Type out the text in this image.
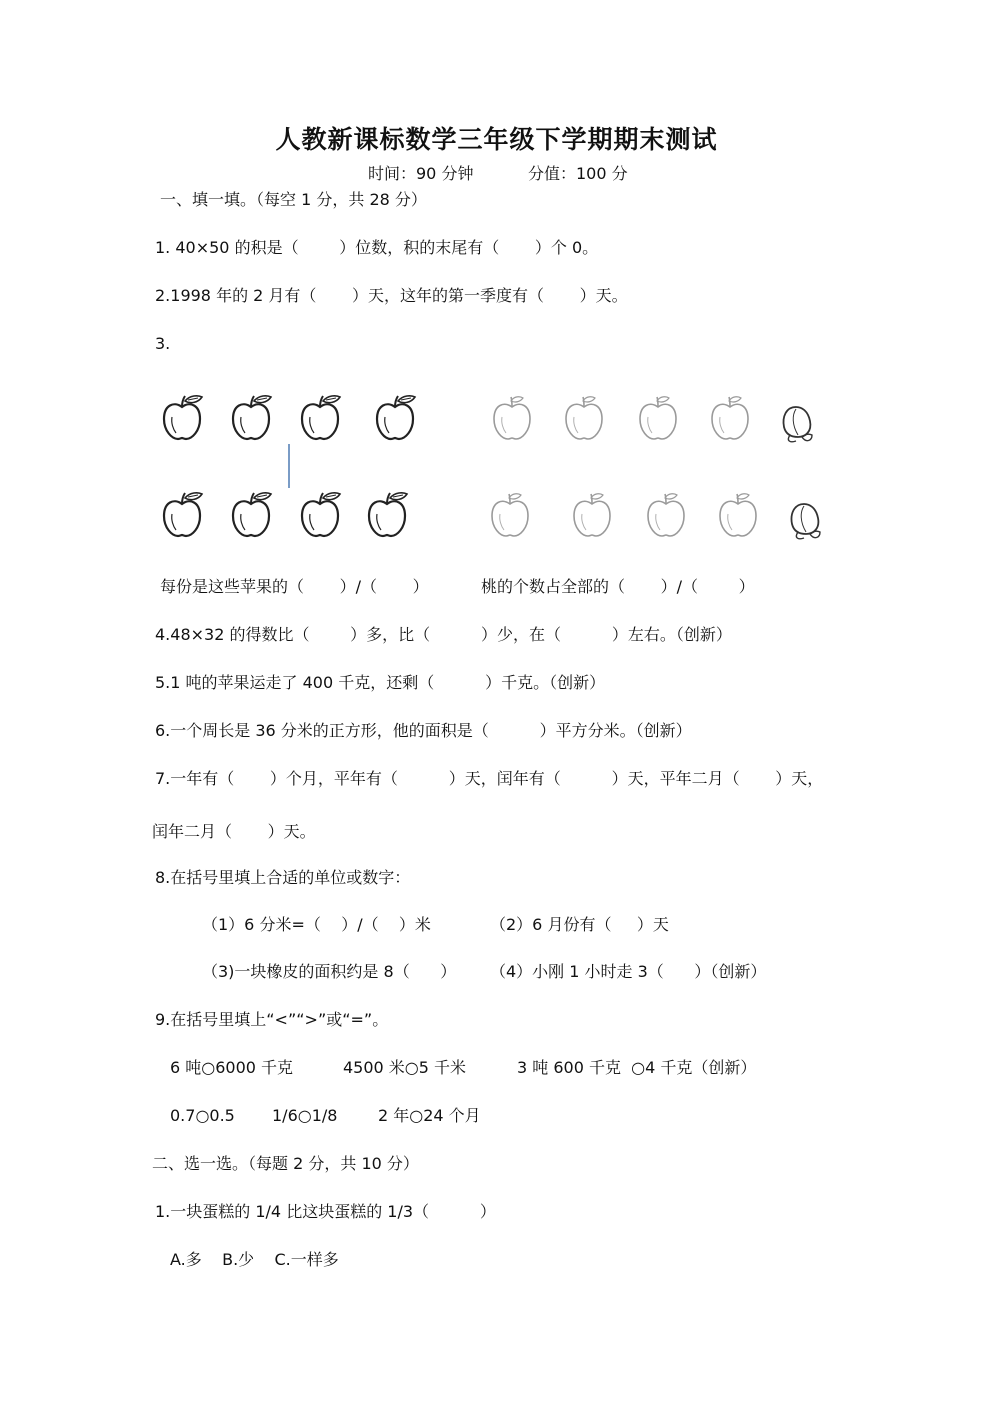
人教新课标数学三年级下学期期末测试
时间：90 分钟	分值：100 分
一、填一填。（每空 1 分，共 28 分）
1. 40×50 的积是（        ）位数，积的末尾有（       ）个 0。
2.1998 年的 2 月有（       ）天，这年的第一季度有（       ）天。
3.
每份是这些苹果的（       ）/（       ）	桃的个数占全部的（       ）/（        ）
4.48×32 的得数比（        ）多，比（          ）少，在（          ）左右。（创新）
5.1 吨的苹果运走了 400 千克，还剩（          ）千克。（创新）
6.一个周长是 36 分米的正方形，他的面积是（          ）平方分米。（创新）
7.一年有（       ）个月，平年有（          ）天，闰年有（          ）天，平年二月（       ）天，
闰年二月（       ）天。
8.在括号里填上合适的单位或数字：
（1）6 分米=（    ）/（    ）米	（2）6 月份有（     ）天
（3)一块橡皮的面积约是 8（      ） （4）小刚 1 小时走 3（      ）（创新）
9.在括号里填上“<”“>”或“=”。
6 吨○6000 千克	4500 米○5 千米	3 吨 600 千克  ○4 千克（创新）
0.7○0.5 1/6○1/8	2 年○24 个月
二、选一选。（每题 2 分，共 10 分）
1.一块蛋糕的 1/4 比这块蛋糕的 1/3（          ）
A.多    B.少    C.一样多
